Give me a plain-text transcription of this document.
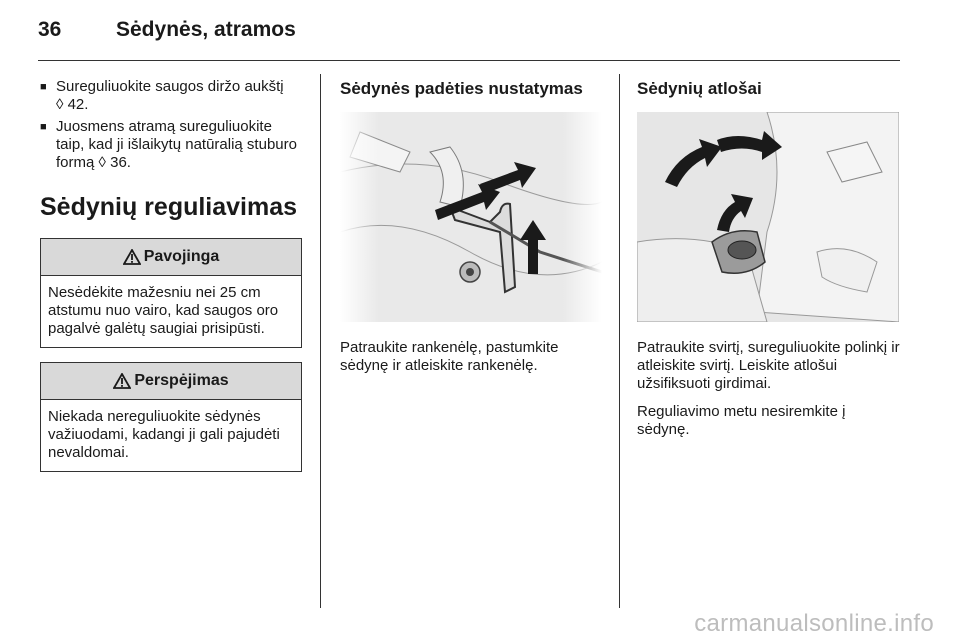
36	Sėdynės, atramos
■ Sureguliuokite saugos diržo aukštį
◊ 42.
■ Juosmens atramą sureguliuokite taip, kad ji išlaikytų natūralią stuburo formą ◊ 36.
Sėdynių reguliavimas
Pavojinga
Nesėdėkite mažesniu nei 25 cm atstumu nuo vairo, kad saugos oro pagalvė galėtų saugiai prisipūsti.
Perspėjimas
Niekada nereguliuokite sėdynės važiuodami, kadangi ji gali pajudėti nevaldomai.
Sėdynės padėties nustatymas
Patraukite rankenėlę, pastumkite sėdynę ir atleiskite rankenėlę.
Sėdynių atlošai
Patraukite svirtį, sureguliuokite polinkį ir atleiskite svirtį. Leiskite atlošui užsifiksuoti girdimai.
Reguliavimo metu nesiremkite į sėdynę.
carmanualsonline.info
